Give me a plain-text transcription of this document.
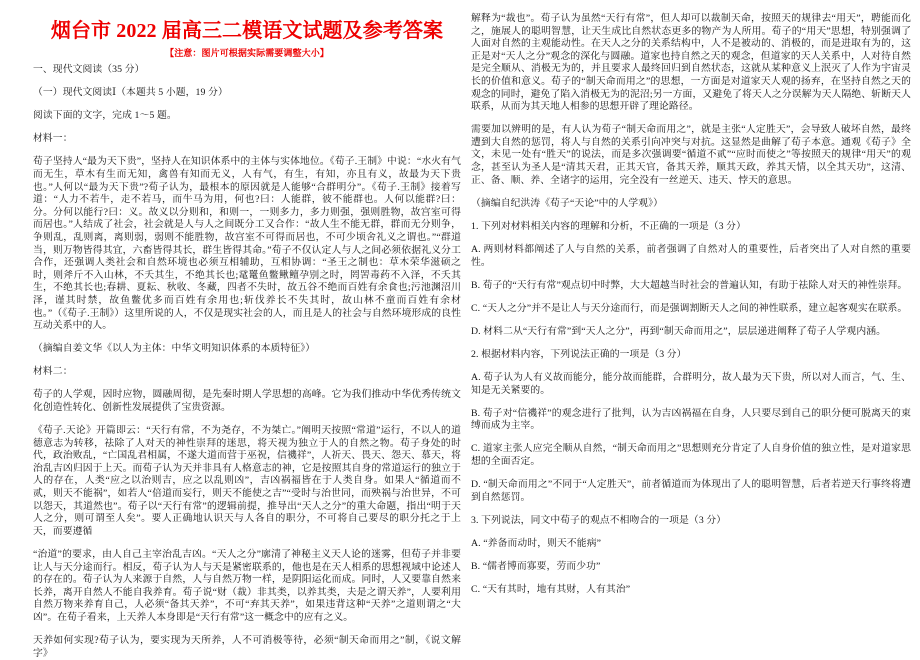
烟台市 2022 届高三二模语文试题及参考答案
【注意：图片可根据实际需要调整大小】

一、现代文阅读（35 分）

（一）现代文阅读Ⅰ（本题共 5 小题，19 分）

阅读下面的文字，完成 1～5 题。

材料一：

荀子坚持人“最为天下贵”，坚持人在知识体系中的主体与实体地位。《荀子.王制》中说：“水火有气而无生，草木有生而无知，禽兽有知而无义，人有气，有生，有知，亦且有义，故最为天下贵也。”人何以“最为天下贵”?荀子认为，最根本的原因就是人能够“合群明分”。《荀子.王制》接着写道：“人力不若牛，走不若马，而牛马为用，何也?曰：人能群，彼不能群也。人何以能群?曰：分。分何以能行?曰：义。故义以分则和，和则一，一则多力，多力则强，强则胜物，故宫室可得而居也。”人结成了社会，社会就是人与人之间既分工又合作：“故人生不能无群，群而无分则争，争则乱，乱则离，离则弱，弱则不能胜物，故宫室不可得而居也，不可少顷舍礼义之谓也。”“群道当，则万物皆得其宜，六畜皆得其长，群生皆得其命。”荀子不仅认定人与人之间必须依据礼义分工合作，还强调人类社会和自然环境也必须互相辅助，互相协调：“圣王之制也：草木荣华滋硕之时，则斧斤不入山林，不夭其生，不绝其长也;鼋鼍鱼鳖鳅鳣孕别之时，罔罟毒药不入泽，不夭其生，不绝其长也;春耕、夏耘、秋收、冬藏，四者不失时，故五谷不绝而百姓有余食也;污池渊沼川泽，谨其时禁，故鱼鳖优多而百姓有余用也;斩伐养长不失其时，故山林不童而百姓有余材也。”（《荀子.王制》）这里所说的人，不仅是现实社会的人，而且是人的社会与自然环境形成的良性互动关系中的人。

（摘编自姜文华《以人为主体：中华文明知识体系的本质特征》）

材料二：

荀子的人学观，因时应物，圆融周彻，是先秦时期人学思想的高峰。它为我们推动中华优秀传统文化创造性转化、创新性发展提供了宝贵资源。

《荀子.天论》开篇即云：“天行有常，不为尧存，不为桀亡。”阐明天按照“常道”运行，不以人的道德意志为转移，祛除了人对天的神性崇拜的迷思，将天视为独立于人的自然之物。荀子身处的时代，政治败乱，“亡国乱君相属，不遂大道而营于巫祝，信禨祥”，人祈天、畏天、怨天、慕天，将治乱吉凶归因于上天。而荀子认为天并非具有人格意志的神，它是按照其自身的常道运行的独立于人的存在，人类“应之以治则吉，应之以乱则凶”，吉凶祸福皆在于人类自身。如果人“循道而不贰，则天不能祸”，如若人“倍道而妄行，则天不能使之吉”“受时与治世同，而殃祸与治世异，不可以怨天，其道然也”。荀子以“天行有常”的逻辑前提，推导出“天人之分”的重大命题，指出“明于天人之分，则可谓至人矣”。要人正确地认识天与人各自的职分，不可将自己要尽的职分托之于上天，而要遵循

“治道”的要求，由人自己主宰治乱吉凶。“天人之分”廓清了神秘主义天人论的迷雾，但荀子并非要让人与天分途而行。相反，荀子认为人与天是紧密联系的，他也是在天人相系的思想视域中论述人的存在的。荀子认为人来源于自然，人与自然万物一样，是阴阳运化而成。同时，人又要靠自然来长养，离开自然人不能自我养育。荀子说“财（裁）非其类，以养其类，夫是之谓天养”，人要利用自然万物来养育自己，人必须“备其天养”，不可“弃其天养”，如果违背这种“天养”之道则谓之“大凶”。在荀子看来，上天养人本身即是“天行有常”这一概念中的应有之义。

天养如何实现?荀子认为，要实现为天所养，人不可消极等待，必须“制天命而用之”制，《说文解字》

解释为“裁也”。荀子认为虽然“天行有常”，但人却可以裁制天命，按照天的规律去“用天”，聘能而化之，施展人的聪明智慧，让天生成比自然状态更多的物产为人所用。荀子的“用天”思想，特别强调了人面对自然的主观能动性。在天人之分的关系结构中，人不是被动的、消极的，而是进取有为的，这正是对“天人之分”观念的深化与圆融。道家也持自然之天的观念，但道家的天人关系中，人对待自然是完全顺从、消极无为的，并且要求人最终回归到自然状态，这就从某种意义上泯灭了人作为宇宙灵长的价值和意义。荀子的“制天命而用之”的思想，一方面是对道家天人观的扬弃，在坚持自然之天的观念的同时，避免了陷入消极无为的泥沼;另一方面，又避免了将天人之分误解为天人隔绝、斩断天人联系，从而为其天地人相参的思想开辟了理论路径。

需要加以辨明的是，有人认为荀子“制天命而用之”，就是主张“人定胜天”，会导致人破坏自然，最终遭到大自然的惩罚，将人与自然的关系引向冲突与对抗。这显然是曲解了荀子本意。通观《荀子》全文，未见一处有“胜天”的说法，而是多次强调要“循道不贰”“应时而使之”等按照天的规律“用天”的观念，甚至认为圣人是“清其天君，正其天官，备其天养，顺其天政，养其天情，以全其天功”，这清、正、备、顺、养、全诸字的运用，完全没有一丝逆天、违天、悖天的意思。

（摘编自纪洪涛《荀子“天论”中的人学观》）

1. 下列对材料相关内容的理解和分析，不正确的一项是（3 分）

A. 两则材料都阐述了人与自然的关系，前者强调了自然对人的重要性，后者突出了人对自然的重要性。

B. 荀子的“天行有常”观点切中时弊，大大超越当时社会的普遍认知，有助于祛除人对天的神性崇拜。

C. “天人之分”并不是让人与天分途而行，而是强调割断天人之间的神性联系，建立起客观实在联系。

D. 材料二从“天行有常”到“天人之分”，再到“制天命而用之”，层层递进阐释了荀子人学观内涵。

2. 根据材料内容，下列说法正确的一项是（3 分）

A. 荀子认为人有义故而能分，能分故而能群，合群明分，故人最为天下贵，所以对人而言，气、生、知是无关紧要的。

B. 荀子对“信禨祥”的观念进行了批判，认为吉凶祸福在自身，人只要尽到自己的职分便可脱离天的束缚而成为主宰。

C. 道家主张人应完全顺从自然，“制天命而用之”思想则充分肯定了人自身价值的独立性，是对道家思想的全面否定。

D. “制天命而用之”不同于“人定胜天”，前者循道而为体现出了人的聪明智慧，后者若逆天行事终将遭到自然惩罚。

3. 下列说法，同文中荀子的观点不相吻合的一项是（3 分）

A. “养备而动时，则天不能病”

B. “儒者博而寡要，劳而少功”

C. “天有其时，地有其财，人有其治”
